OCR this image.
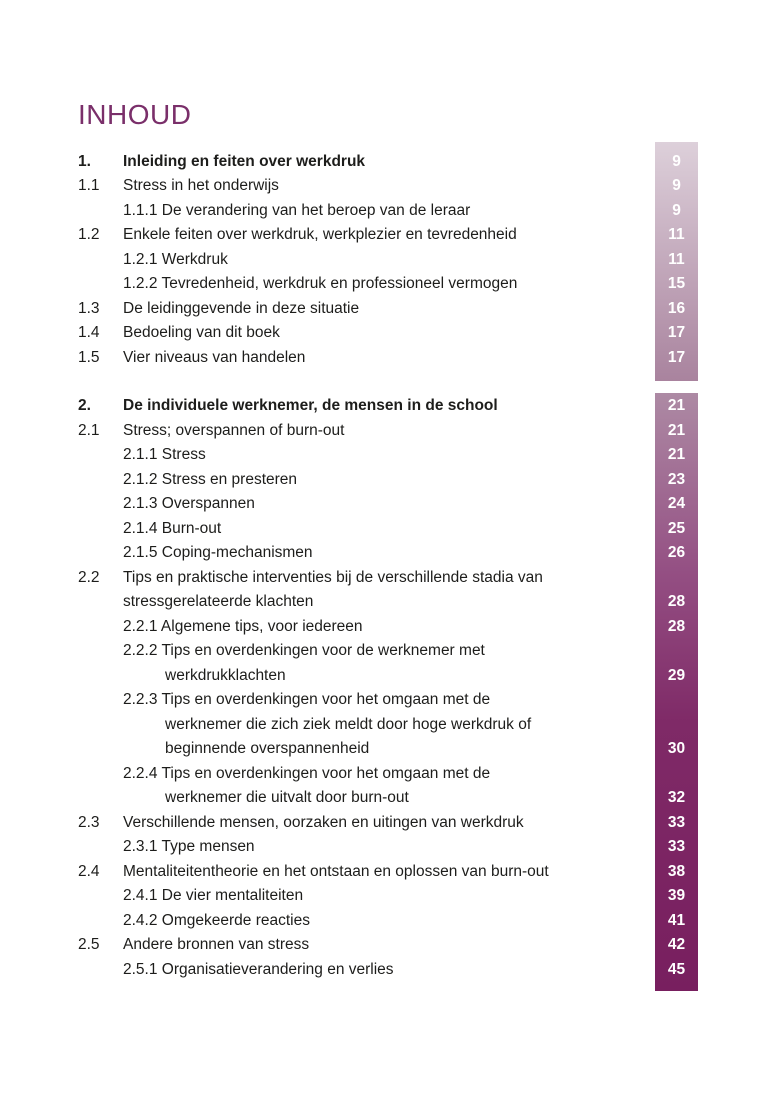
INHOUD
1. Inleiding en feiten over werkdruk	9
1.1 Stress in het onderwijs	9
1.1.1 De verandering van het beroep van de leraar	9
1.2 Enkele feiten over werkdruk, werkplezier en tevredenheid	11
1.2.1 Werkdruk	11
1.2.2 Tevredenheid, werkdruk en professioneel vermogen	15
1.3 De leidinggevende in deze situatie	16
1.4 Bedoeling van dit boek	17
1.5 Vier niveaus van handelen	17
2. De individuele werknemer, de mensen in de school	21
2.1 Stress; overspannen of burn-out	21
2.1.1 Stress	21
2.1.2 Stress en presteren	23
2.1.3 Overspannen	24
2.1.4 Burn-out	25
2.1.5 Coping-mechanismen	26
2.2 Tips en praktische interventies bij de verschillende stadia van
stressgerelateerde klachten	28
2.2.1 Algemene tips, voor iedereen	28
2.2.2 Tips en overdenkingen voor de werknemer met
werkdrukklachten	29
2.2.3 Tips en overdenkingen voor het omgaan met de
werknemer die zich ziek meldt door hoge werkdruk of
beginnende overspannenheid	30
2.2.4 Tips en overdenkingen voor het omgaan met de
werknemer die uitvalt door burn-out	32
2.3 Verschillende mensen, oorzaken en uitingen van werkdruk	33
2.3.1 Type mensen	33
2.4 Mentaliteitentheorie en het ontstaan en oplossen van burn-out	38
2.4.1 De vier mentaliteiten	39
2.4.2 Omgekeerde reacties	41
2.5 Andere bronnen van stress	42
2.5.1 Organisatieverandering en verlies	45
